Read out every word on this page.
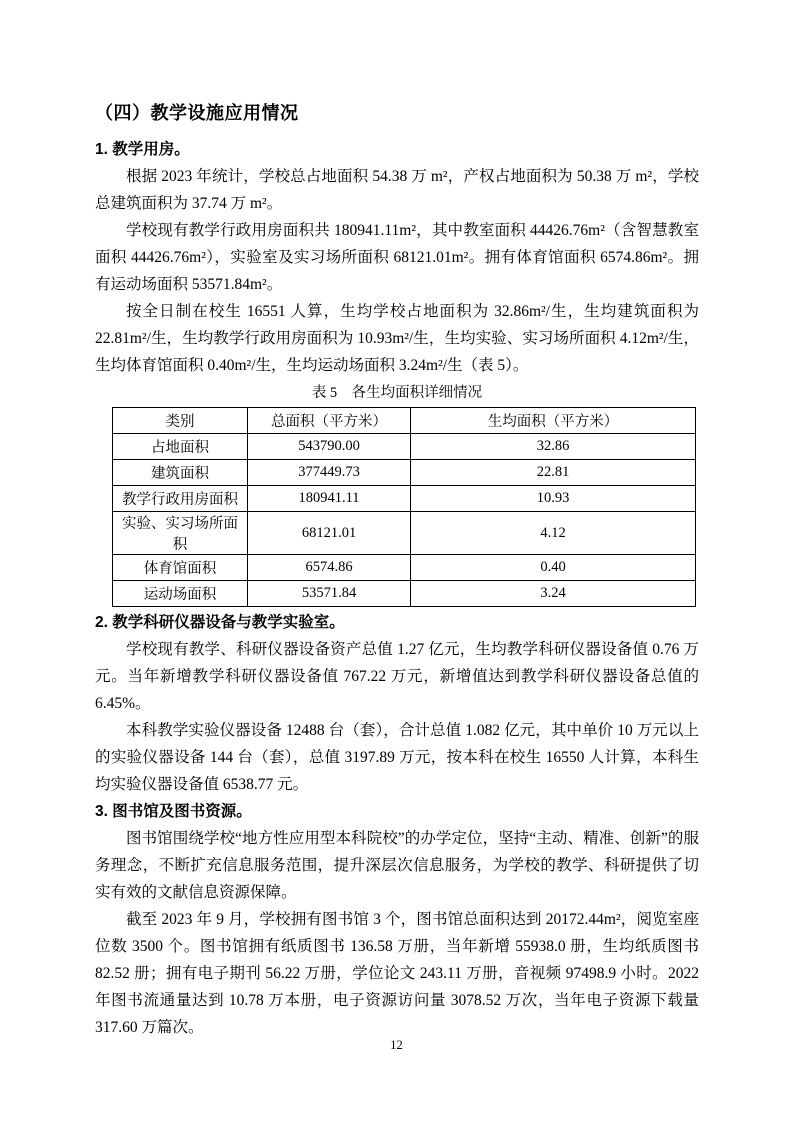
（四）教学设施应用情况
1. 教学用房。

根据 2023 年统计，学校总占地面积 54.38 万 m²，产权占地面积为 50.38 万 m²，学校总建筑面积为 37.74 万 m²。

学校现有教学行政用房面积共 180941.11m²，其中教室面积 44426.76m²（含智慧教室面积 44426.76m²），实验室及实习场所面积 68121.01m²。拥有体育馆面积 6574.86m²。拥有运动场面积 53571.84m²。

按全日制在校生 16551 人算，生均学校占地面积为 32.86m²/生，生均建筑面积为 22.81m²/生，生均教学行政用房面积为 10.93m²/生，生均实验、实习场所面积 4.12m²/生，生均体育馆面积 0.40m²/生，生均运动场面积 3.24m²/生（表 5）。

表 5　各生均面积详细情况
类别	总面积（平方米）	生均面积（平方米）
占地面积	543790.00	32.86
建筑面积	377449.73	22.81
教学行政用房面积	180941.11	10.93
实验、实习场所面积	68121.01	4.12
体育馆面积	6574.86	0.40
运动场面积	53571.84	3.24
2. 教学科研仪器设备与教学实验室。

学校现有教学、科研仪器设备资产总值 1.27 亿元，生均教学科研仪器设备值 0.76 万元。当年新增教学科研仪器设备值 767.22 万元，新增值达到教学科研仪器设备总值的 6.45%。

本科教学实验仪器设备 12488 台（套），合计总值 1.082 亿元，其中单价 10 万元以上的实验仪器设备 144 台（套），总值 3197.89 万元，按本科在校生 16550 人计算，本科生均实验仪器设备值 6538.77 元。

3. 图书馆及图书资源。

图书馆围绕学校“地方性应用型本科院校”的办学定位，坚持“主动、精准、创新”的服务理念，不断扩充信息服务范围，提升深层次信息服务，为学校的教学、科研提供了切实有效的文献信息资源保障。

截至 2023 年 9 月，学校拥有图书馆 3 个，图书馆总面积达到 20172.44m²，阅览室座位数 3500 个。图书馆拥有纸质图书 136.58 万册，当年新增 55938.0 册，生均纸质图书 82.52 册；拥有电子期刊 56.22 万册，学位论文 243.11 万册，音视频 97498.9 小时。2022 年图书流通量达到 10.78 万本册，电子资源访问量 3078.52 万次，当年电子资源下载量 317.60 万篇次。

12
